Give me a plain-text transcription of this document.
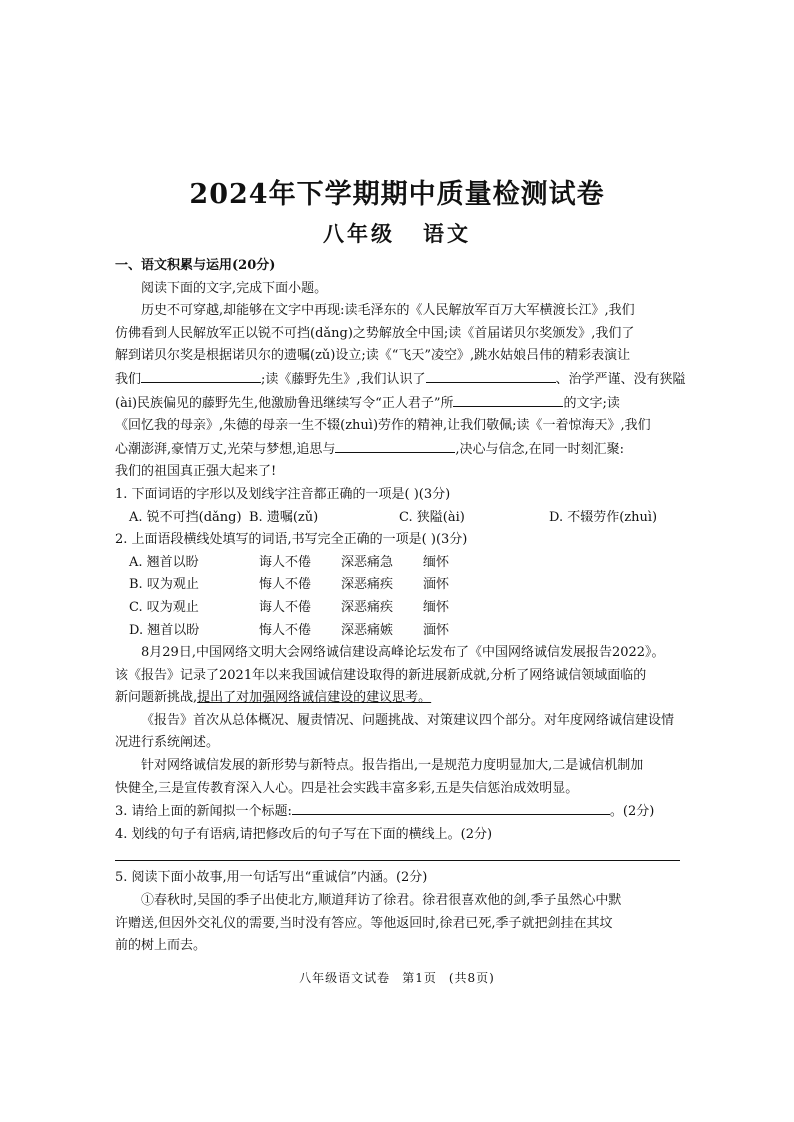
2024年下学期期中质量检测试卷
八年级 语文
一、语文积累与运用(20分)
阅读下面的文字,完成下面小题。
历史不可穿越,却能够在文字中再现:读毛泽东的《人民解放军百万大军横渡长江》,我们
仿佛看到人民解放军正以锐不可挡(dǎng)之势解放全中国;读《首届诺贝尔奖颁发》,我们了
解到诺贝尔奖是根据诺贝尔的遗嘱(zǔ)设立;读《“飞天”凌空》,跳水姑娘吕伟的精彩表演让
我们	;读《藤野先生》,我们认识了	、治学严谨、没有狭隘
(ài)民族偏见的藤野先生,他激励鲁迅继续写令“正人君子”所	的文字;读
《回忆我的母亲》,朱德的母亲一生不辍(zhuì)劳作的精神,让我们敬佩;读《一着惊海天》,我们
心潮澎湃,豪情万丈,光荣与梦想,追思与	,决心与信念,在同一时刻汇聚:
我们的祖国真正强大起来了!
1. 下面词语的字形以及划线字注音都正确的一项是( )(3分)
A. 锐不可挡(dǎng) B. 遗嘱(zǔ)	C. 狭隘(ài)	D. 不辍劳作(zhuì)
2. 上面语段横线处填写的词语,书写完全正确的一项是( )(3分)
A. 翘首以盼	诲人不倦	深恶痛急	缅怀
B. 叹为观止	悔人不倦	深恶痛疾	湎怀
C. 叹为观止	诲人不倦	深恶痛疾	缅怀
D. 翘首以盼	悔人不倦	深恶痛嫉	湎怀
8月29日,中国网络文明大会网络诚信建设高峰论坛发布了《中国网络诚信发展报告2022》。
该《报告》记录了2021年以来我国诚信建设取得的新进展新成就,分析了网络诚信领域面临的
新问题新挑战,提出了对加强网络诚信建设的建议思考。
《报告》首次从总体概况、履责情况、问题挑战、对策建议四个部分。对年度网络诚信建设情
况进行系统阐述。
针对网络诚信发展的新形势与新特点。报告指出,一是规范力度明显加大,二是诚信机制加
快健全,三是宣传教育深入人心。四是社会实践丰富多彩,五是失信惩治成效明显。
3. 请给上面的新闻拟一个标题:	。(2分)
4. 划线的句子有语病,请把修改后的句子写在下面的横线上。(2分)
5. 阅读下面小故事,用一句话写出“重诚信”内涵。(2分)
①春秋时,吴国的季子出使北方,顺道拜访了徐君。徐君很喜欢他的剑,季子虽然心中默
许赠送,但因外交礼仪的需要,当时没有答应。等他返回时,徐君已死,季子就把剑挂在其坟
前的树上而去。
八年级语文试卷 第1页 (共8页)
